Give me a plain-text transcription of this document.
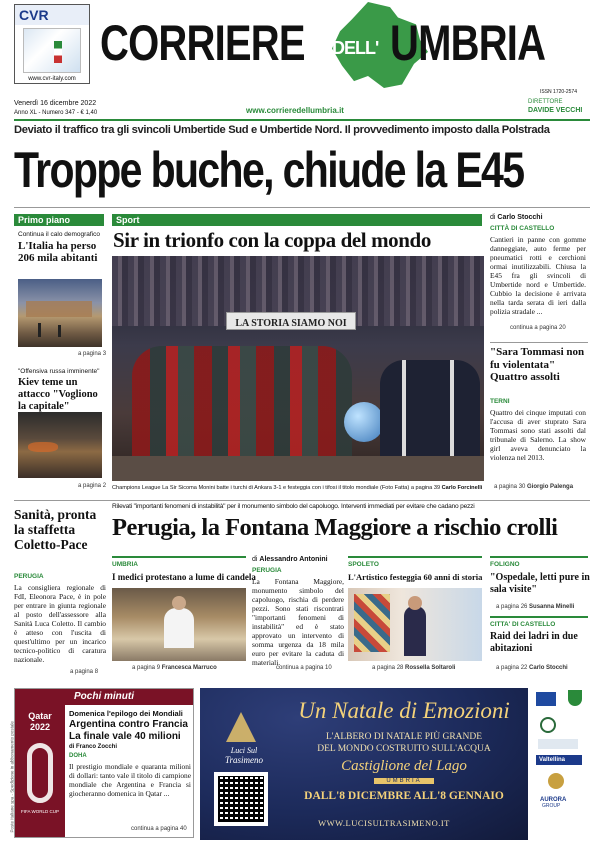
CVR
www.cvr-italy.com
CORRIERE DELL' UMBRIA
ISSN 1720-2574
Venerdì 16 dicembre 2022
Anno XL - Numero 347 - € 1,40	www.corrieredellumbria.it
DIRETTORE
DAVIDE VECCHI
Deviato il traffico tra gli svincoli Umbertide Sud e Umbertide Nord. Il provvedimento imposto dalla Polstrada
Troppe buche, chiude la E45
Primo piano
Continua il calo demografico
L'Italia ha perso 206 mila abitanti
a pagina 3
"Offensiva russa imminente"
Kiev teme un attacco "Vogliono la capitale"
a pagina 2
Sport
Sir in trionfo con la coppa del mondo
LA STORIA SIAMO NOI
Champions League La Sir Sicoma Monini batte i turchi di Ankara 3-1 e festeggia con i tifosi il titolo mondiale (Foto Fatta) a pagina 39 Carlo Forcinelli
di Carlo Stocchi
CITTÀ DI CASTELLO
Cantieri in panne con gomme danneggiate, auto ferme per pneumatici rotti e cerchioni ormai inutilizzabili. Chiusa la E45 fra gli svincoli di Umbertide nord e Umbertide. Cubbio la decisione è arrivata nella tarda serata di ieri dalla polizia stradale ...
continua a pagina 20
"Sara Tommasi non fu violentata" Quattro assolti
TERNI
Quattro dei cinque imputati con l'accusa di aver stuprato Sara Tommasi sono stati assolti dal tribunale di Salerno. La show girl aveva denunciato la violenza nel 2013.
a pagina 30 Giorgio Palenga
Sanità, pronta la staffetta Coletto-Pace
PERUGIA
La consigliera regionale di FdI, Eleonora Pace, è in pole per entrare in giunta regionale al posto dell'assessore alla Sanità Luca Coletto. Il cambio è atteso con l'uscita di quest'ultimo per un incarico tecnico-politico di caratura nazionale.
a pagina 8
Rilevati "importanti fenomeni di instabilità" per il monumento simbolo del capoluogo. Interventi immediati per evitare che cadano pezzi
Perugia, la Fontana Maggiore a rischio crolli
UMBRIA
I medici protestano a lume di candela
a pagina 9 Francesca Marruco
di Alessandro Antonini
PERUGIA
La Fontana Maggiore, monumento simbolo del capoluogo, rischia di perdere pezzi. Sono stati riscontrati "importanti fenomeni di instabilità" ed è stato approvato un intervento di somma urgenza da 18 mila euro per evitare la caduta di materiali.
continua a pagina 10
SPOLETO
L'Artistico festeggia 60 anni di storia
a pagina 28 Rossella Soltaroli
FOLIGNO
"Ospedale, letti pure in sala visite"
a pagina 26 Susanna Minelli
CITTA' DI CASTELLO
Raid dei ladri in due abitazioni
a pagina 22 Carlo Stocchi
Poste Italiane spa - Spedizione in abbonamento postale
Pochi minuti
Qatar 2022
FIFA WORLD CUP
Domenica l'epilogo dei Mondiali
Argentina contro Francia La finale vale 40 milioni
di Franco Zocchi
DOHA
Il prestigio mondiale e quaranta milioni di dollari: tanto vale il titolo di campione mondiale che Argentina e Francia si giocheranno domenica in Qatar ...
continua a pagina 40
Un Natale di Emozioni
Luci Sul
Trasimeno
L'ALBERO DI NATALE PIÙ GRANDE
DEL MONDO COSTRUITO SULL'ACQUA
Castiglione del Lago
UMBRIA
DALL'8 DICEMBRE ALL'8 GENNAIO
WWW.LUCISULTRASIMENO.IT

Valtellina
AURORA
GROUP
